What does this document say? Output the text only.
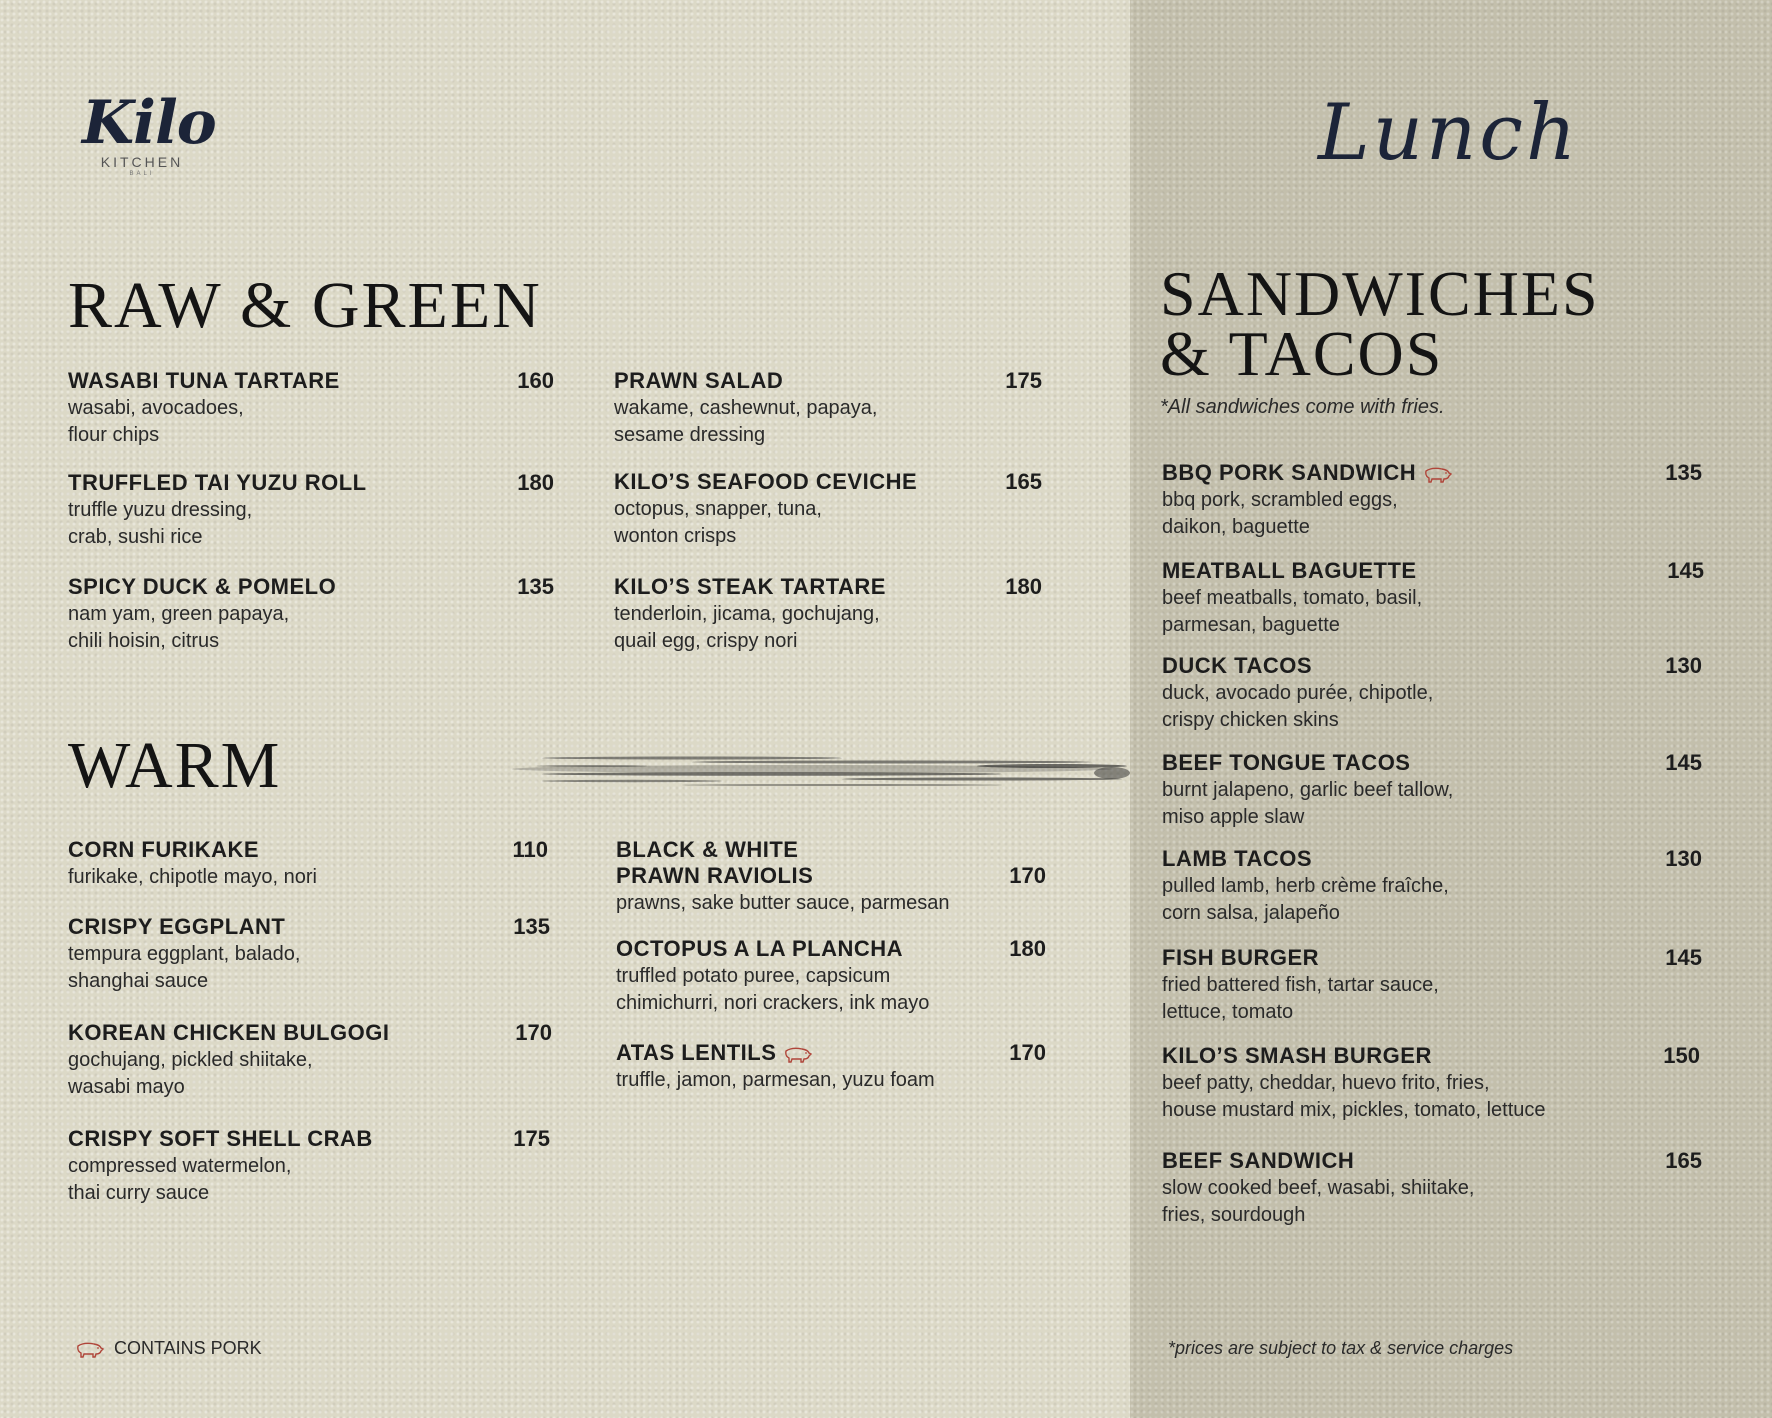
Kilo
KITCHEN
BALI	Lunch
RAW & GREEN
WASABI TUNA TARTARE	160
wasabi, avocadoes,
flour chips
TRUFFLED TAI YUZU ROLL	180
truffle yuzu dressing,
crab, sushi rice
SPICY DUCK & POMELO	135
nam yam, green papaya,
chili hoisin, citrus
PRAWN SALAD	175
wakame, cashewnut, papaya,
sesame dressing
KILO’S SEAFOOD CEVICHE	165
octopus, snapper, tuna,
wonton crisps
KILO’S STEAK TARTARE	180
tenderloin, jicama, gochujang,
quail egg, crispy nori
WARM
CORN FURIKAKE	110
furikake, chipotle mayo, nori
CRISPY EGGPLANT	135
tempura eggplant, balado,
shanghai sauce
KOREAN CHICKEN BULGOGI	170
gochujang, pickled shiitake,
wasabi mayo
CRISPY SOFT SHELL CRAB	175
compressed watermelon,
thai curry sauce
BLACK & WHITE
PRAWN RAVIOLIS	170
prawns, sake butter sauce, parmesan
OCTOPUS A LA PLANCHA	180
truffled potato puree, capsicum
chimichurri, nori crackers, ink mayo
ATAS LENTILS	170
truffle, jamon, parmesan, yuzu foam
SANDWICHES
& TACOS
*All sandwiches come with fries.
BBQ PORK SANDWICH	135
bbq pork, scrambled eggs,
daikon, baguette
MEATBALL BAGUETTE	145
beef meatballs, tomato, basil,
parmesan, baguette
DUCK TACOS	130
duck, avocado purée, chipotle,
crispy chicken skins
BEEF TONGUE TACOS	145
burnt jalapeno, garlic beef tallow,
miso apple slaw
LAMB TACOS	130
pulled lamb, herb crème fraîche,
corn salsa, jalapeño
FISH BURGER	145
fried battered fish, tartar sauce,
lettuce, tomato
KILO’S SMASH BURGER	150
beef patty, cheddar, huevo frito, fries,
house mustard mix, pickles, tomato, lettuce
BEEF SANDWICH	165
slow cooked beef, wasabi, shiitake,
fries, sourdough
CONTAINS PORK	*prices are subject to tax & service charges
